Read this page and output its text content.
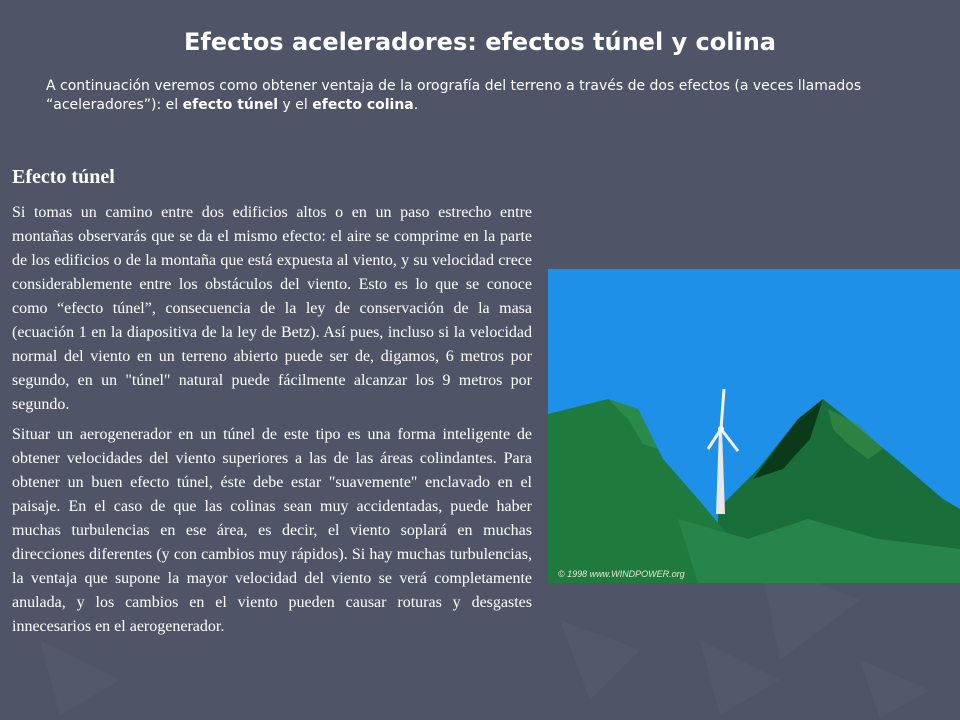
Efectos aceleradores: efectos túnel y colina
A continuación veremos como obtener ventaja de la orografía del terreno a través de dos efectos (a veces llamados “aceleradores”): el efecto túnel y el efecto colina.
Efecto túnel

Si tomas un camino entre dos edificios altos o en un paso estrecho entre montañas observarás que se da el mismo efecto: el aire se comprime en la parte de los edificios o de la montaña que está expuesta al viento, y su velocidad crece considerablemente entre los obstáculos del viento. Esto es lo que se conoce como “efecto túnel”, consecuencia de la ley de conservación de la masa (ecuación 1 en la diapositiva de la ley de Betz). Así pues, incluso si la velocidad normal del viento en un terreno abierto puede ser de, digamos, 6 metros por segundo, en un "túnel" natural puede fácilmente alcanzar los 9 metros por segundo.

Situar un aerogenerador en un túnel de este tipo es una forma inteligente de obtener velocidades del viento superiores a las de las áreas colindantes. Para obtener un buen efecto túnel, éste debe estar "suavemente" enclavado en el paisaje. En el caso de que las colinas sean muy accidentadas, puede haber muchas turbulencias en ese área, es decir, el viento soplará en muchas direcciones diferentes (y con cambios muy rápidos). Si hay muchas turbulencias, la ventaja que supone la mayor velocidad del viento se verá completamente anulada, y los cambios en el viento pueden causar roturas y desgastes innecesarios en el aerogenerador.

© 1998 www.WINDPOWER.org
